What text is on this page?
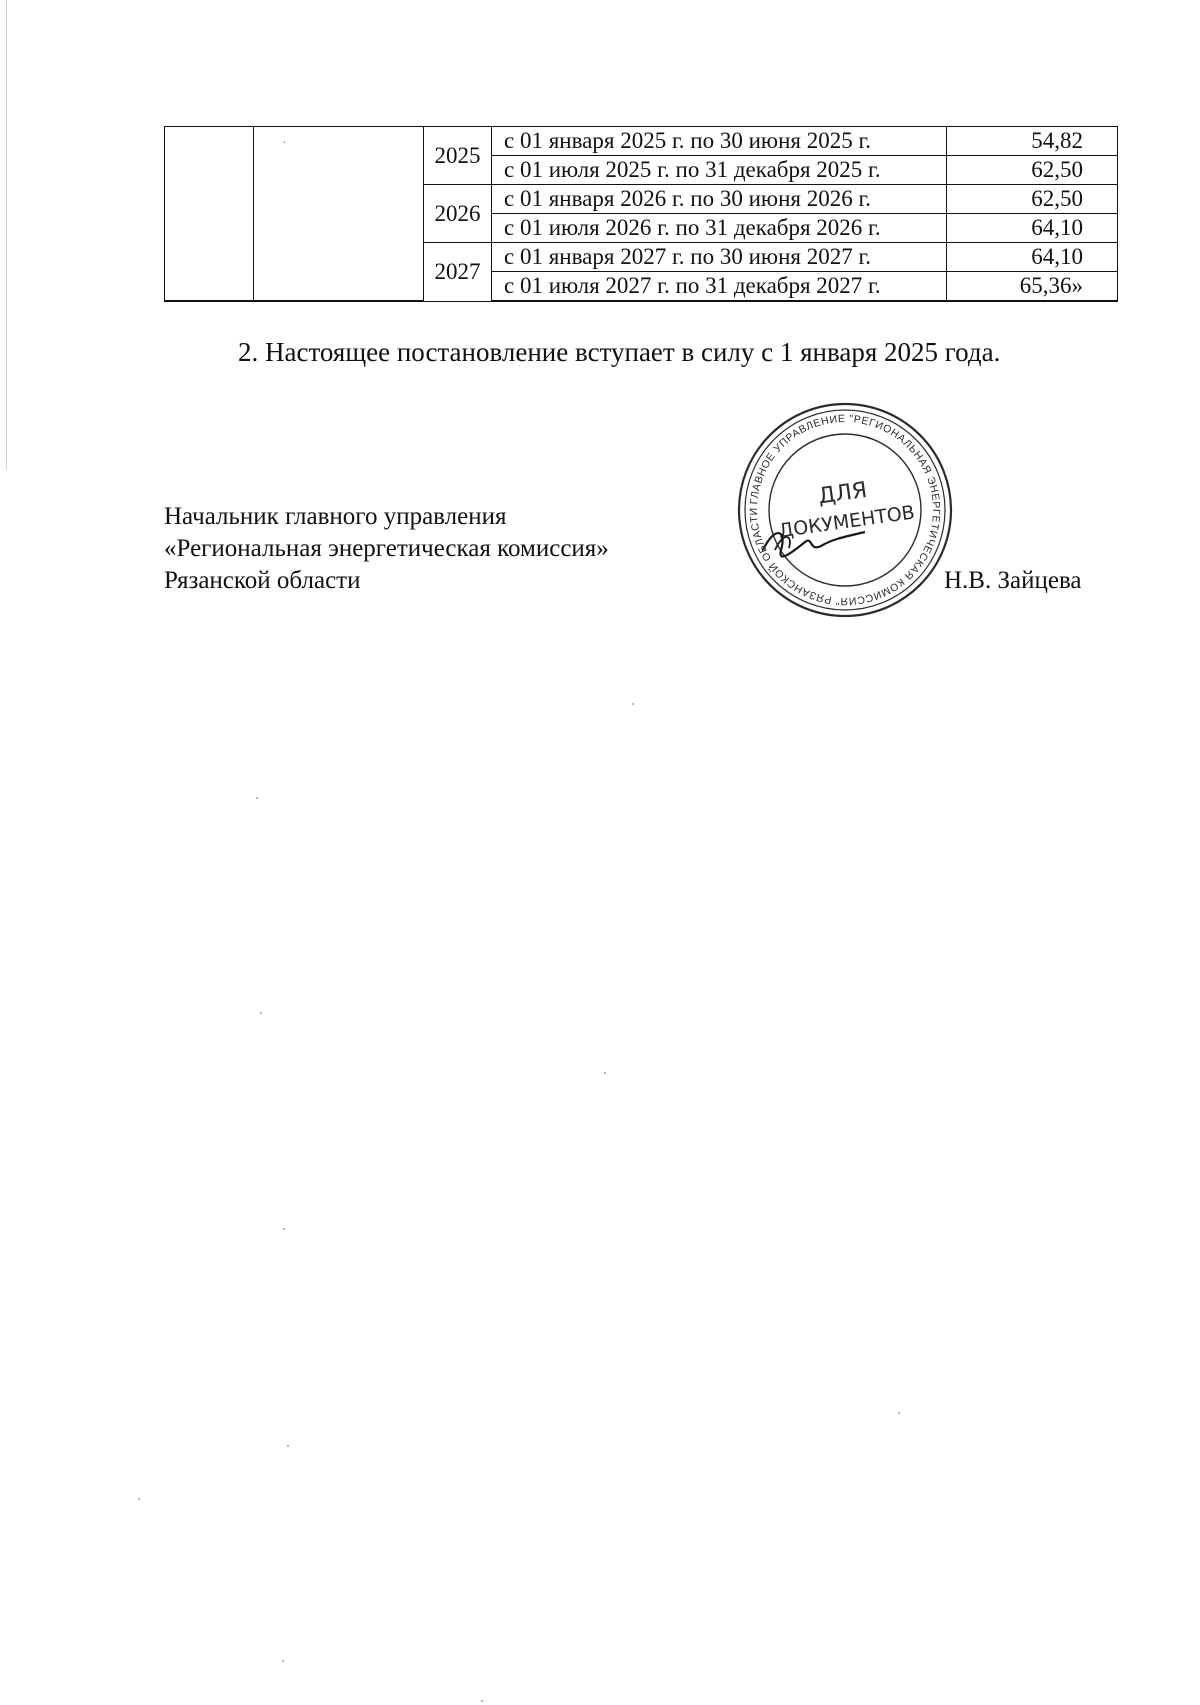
		2025	с 01 января 2025 г. по 30 июня 2025 г.	54,82
			с 01 июля 2025 г. по 31 декабря 2025 г.	62,50
		2026	с 01 января 2026 г. по 30 июня 2026 г.	62,50
			с 01 июля 2026 г. по 31 декабря 2026 г.	64,10
		2027	с 01 января 2027 г. по 30 июня 2027 г.	64,10
			с 01 июля 2027 г. по 31 декабря 2027 г.	65,36»
·

2. Настоящее постановление вступает в силу с 1 января 2025 года.

Начальник главного управления
«Региональная энергетическая комиссия»
Рязанской области
ГЛАВНОЕ УПРАВЛЕНИЕ "РЕГИОНАЛЬНАЯ ЭНЕРГЕТИЧЕСКАЯ КОМИССИЯ" РЯЗАНСКОЙ ОБЛАСТИ
ДЛЯ
ДОКУМЕНТОВ
Н.В. Зайцева
